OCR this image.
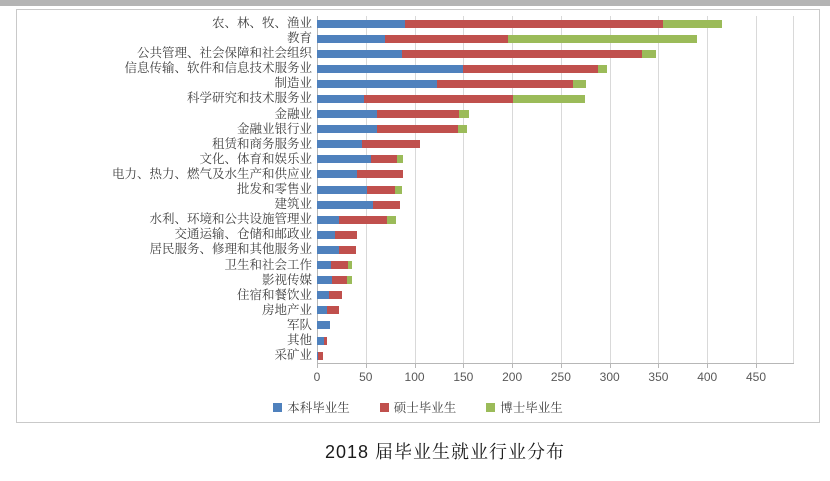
农、林、牧、渔业
教育
公共管理、社会保障和社会组织
信息传输、软件和信息技术服务业
制造业
科学研究和技术服务业
金融业
金融业银行业
租赁和商务服务业
文化、体育和娱乐业
电力、热力、燃气及水生产和供应业
批发和零售业
建筑业
水利、环境和公共设施管理业
交通运输、仓储和邮政业
居民服务、修理和其他服务业
卫生和社会工作
影视传媒
住宿和餐饮业
房地产业
军队
其他
采矿业
0	50	100 150 200 250 300 350 400 450
本科毕业生	硕士毕业生	博士毕业生
2018 届毕业生就业行业分布
